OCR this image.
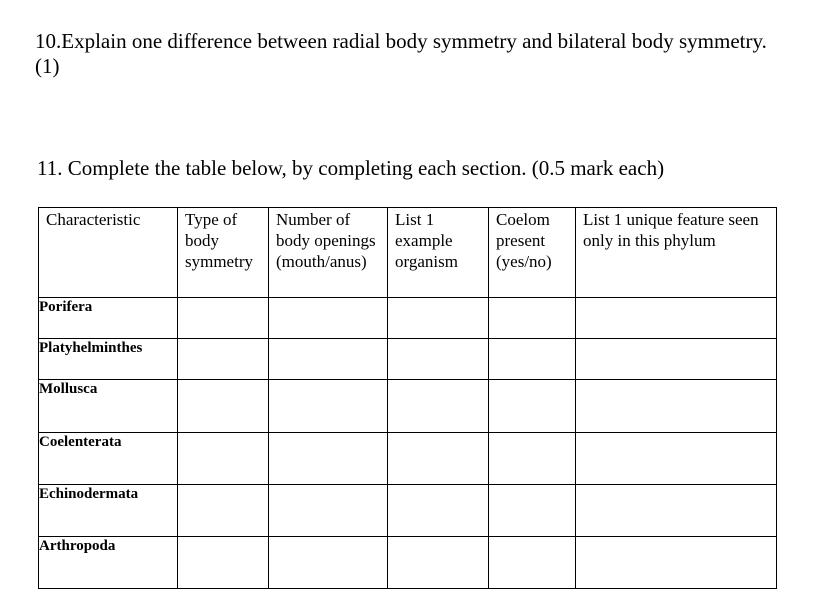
10.Explain one difference between radial body symmetry and bilateral body symmetry. (1)

11. Complete the table below, by completing each section. (0.5 mark each)

Characteristic	Type of body symmetry	Number of body openings (mouth/anus)	List 1 example organism	Coelom present (yes/no)	List 1 unique feature seen only in this phylum
Porifera					
Platyhelminthes					
Mollusca					
Coelenterata					
Echinodermata					
Arthropoda					
